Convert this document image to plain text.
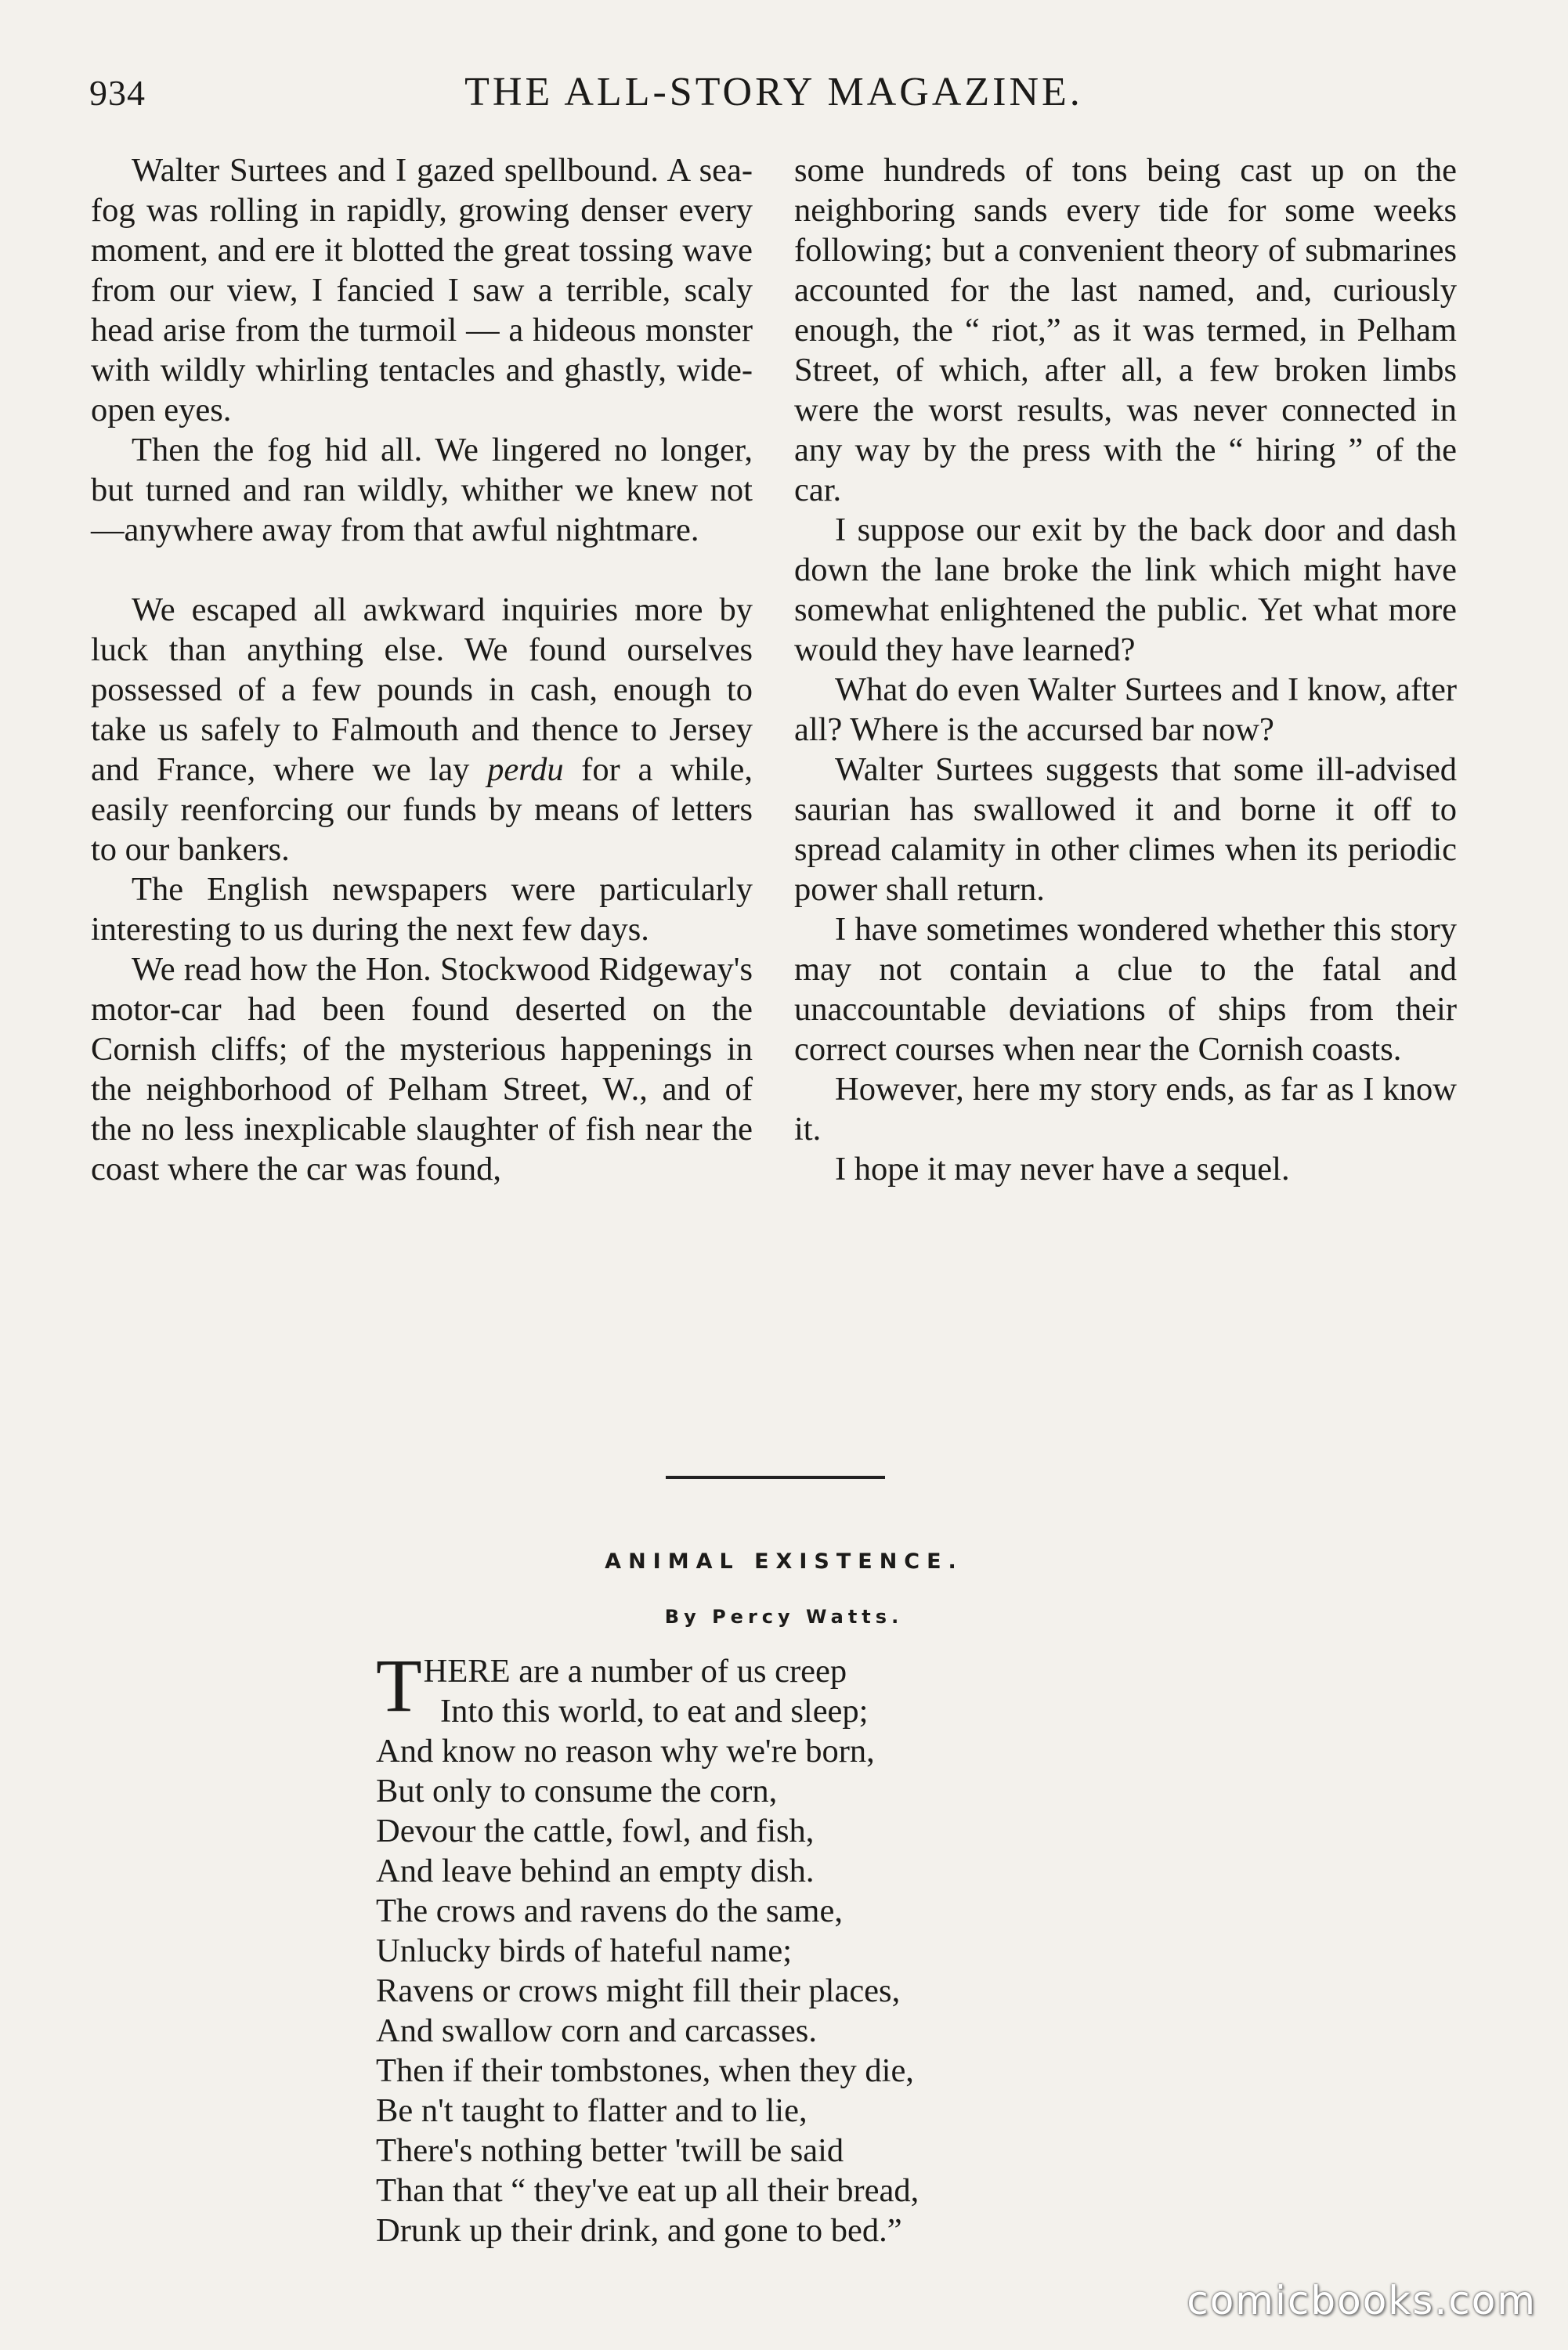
934	THE ALL-STORY MAGAZINE.

Walter Surtees and I gazed spellbound. A sea-fog was rolling in rapidly, growing denser every moment, and ere it blotted the great tossing wave from our view, I fancied I saw a terrible, scaly head arise from the turmoil — a hideous monster with wildly whirling tentacles and ghastly, wide-open eyes.

Then the fog hid all. We lingered no longer, but turned and ran wildly, whither we knew not—anywhere away from that awful nightmare.

We escaped all awkward inquiries more by luck than anything else. We found ourselves possessed of a few pounds in cash, enough to take us safely to Falmouth and thence to Jersey and France, where we lay perdu for a while, easily reenforcing our funds by means of letters to our bankers.

The English newspapers were particularly interesting to us during the next few days.

We read how the Hon. Stockwood Ridgeway's motor-car had been found deserted on the Cornish cliffs; of the mysterious happenings in the neighborhood of Pelham Street, W., and of the no less inexplicable slaughter of fish near the coast where the car was found,

some hundreds of tons being cast up on the neighboring sands every tide for some weeks following; but a convenient theory of submarines accounted for the last named, and, curiously enough, the “ riot,” as it was termed, in Pelham Street, of which, after all, a few broken limbs were the worst results, was never connected in any way by the press with the “ hiring ” of the car.

I suppose our exit by the back door and dash down the lane broke the link which might have somewhat enlightened the public. Yet what more would they have learned?

What do even Walter Surtees and I know, after all? Where is the accursed bar now?

Walter Surtees suggests that some ill-advised saurian has swallowed it and borne it off to spread calamity in other climes when its periodic power shall return.

I have sometimes wondered whether this story may not contain a clue to the fatal and unaccountable deviations of ships from their correct courses when near the Cornish coasts.

However, here my story ends, as far as I know it.

I hope it may never have a sequel.

ANIMAL EXISTENCE.
By Percy Watts.
THERE are a number of us creep
Into this world, to eat and sleep;
And know no reason why we're born,
But only to consume the corn,
Devour the cattle, fowl, and fish,
And leave behind an empty dish.
The crows and ravens do the same,
Unlucky birds of hateful name;
Ravens or crows might fill their places,
And swallow corn and carcasses.
Then if their tombstones, when they die,
Be n't taught to flatter and to lie,
There's nothing better 'twill be said
Than that “ they've eat up all their bread,
Drunk up their drink, and gone to bed.”
comicbooks.com
